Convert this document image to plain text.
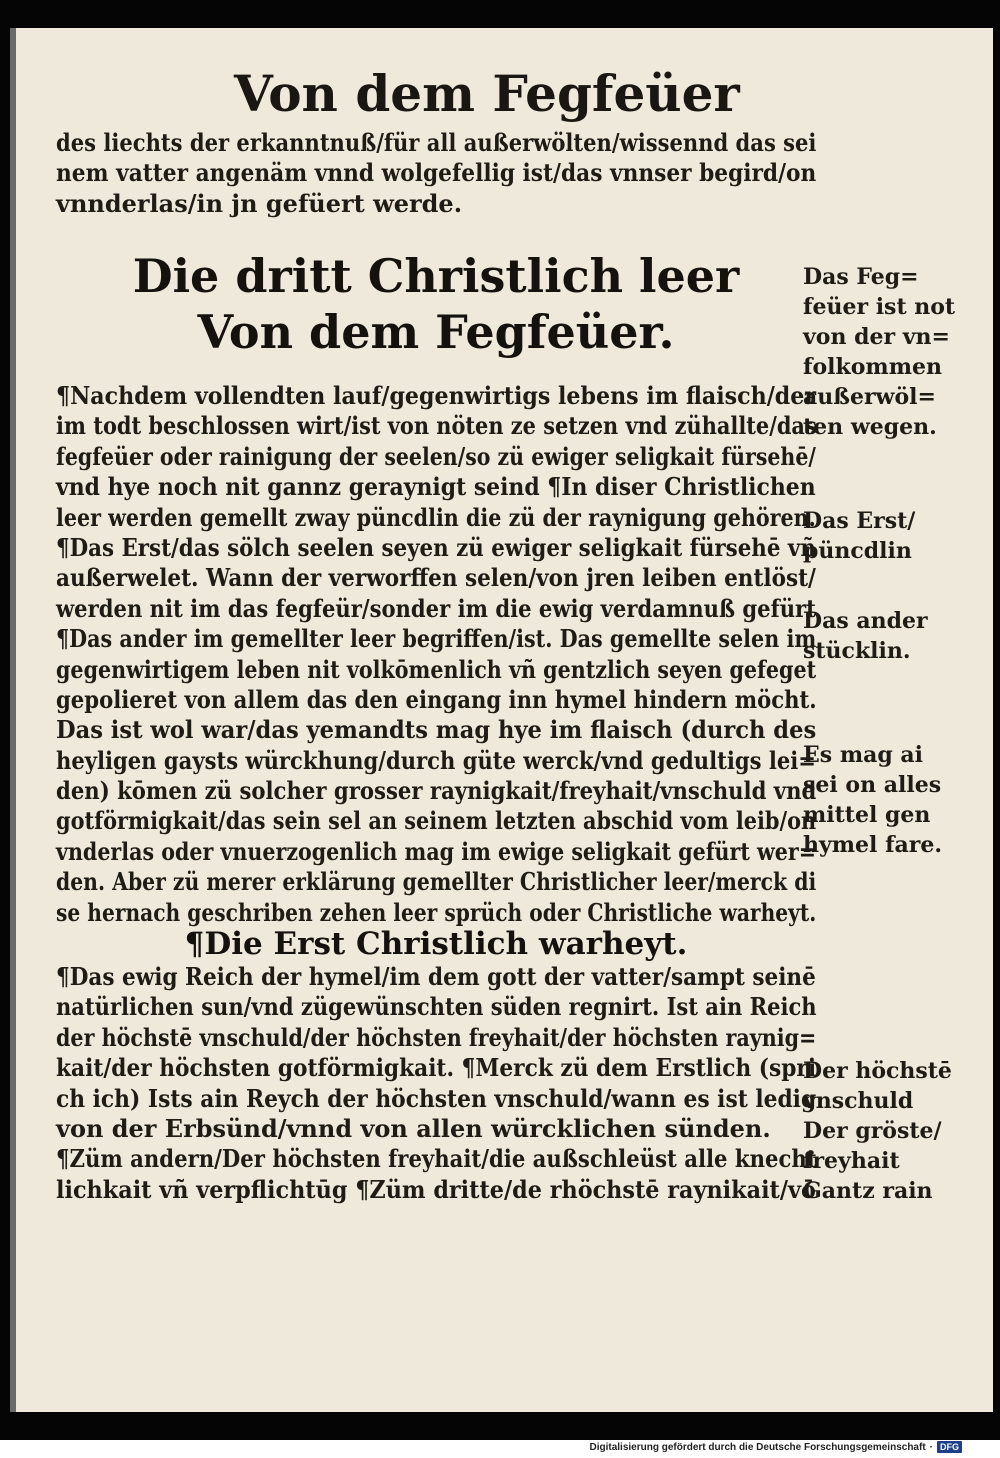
Von dem Fegfeüer
des liechts der erkanntnuß/für all außerwölten/wissennd das sei
nem vatter angenäm vnnd wolgefellig ist/das vnnser begird/on
vnnderlas/in jn gefüert werde.
Die dritt Christlich leer
Von dem Fegfeüer.
¶Nachdem vollendten lauf/gegenwirtigs lebens im flaisch/der
im todt beschlossen wirt/ist von nöten ze setzen vnd zühallte/das
fegfeüer oder rainigung der seelen/so zü ewiger seligkait fürsehē/
vnd hye noch nit gannz geraynigt seind ¶In diser Christlichen
leer werden gemellt zway püncdlin die zü der raynigung gehören.
¶Das Erst/das sölch seelen seyen zü ewiger seligkait fürsehē vñ
außerwelet. Wann der verworffen selen/von jren leiben entlöst/
werden nit im das fegfeür/sonder im die ewig verdamnuß gefürt
¶Das ander im gemellter leer begriffen/ist. Das gemellte selen im
gegenwirtigem leben nit volkōmenlich vñ gentzlich seyen gefeget
gepolieret von allem das den eingang inn hymel hindern möcht.
Das ist wol war/das yemandts mag hye im flaisch (durch des
heyligen gaysts würckhung/durch güte werck/vnd gedultigs lei=
den) kōmen zü solcher grosser raynigkait/freyhait/vnschuld vnd
gotförmigkait/das sein sel an seinem letzten abschid vom leib/on
vnderlas oder vnuerzogenlich mag im ewige seligkait gefürt wer=
den. Aber zü merer erklärung gemellter Christlicher leer/merck di
se hernach geschriben zehen leer sprüch oder Christliche warheyt.
¶Die Erst Christlich warheyt.
¶Das ewig Reich der hymel/im dem gott der vatter/sampt seinē
natürlichen sun/vnd zügewünschten süden regnirt. Ist ain Reich
der höchstē vnschuld/der höchsten freyhait/der höchsten raynig=
kait/der höchsten gotförmigkait. ¶Merck zü dem Erstlich (spri
ch ich) Ists ain Reych der höchsten vnschuld/wann es ist ledig
von der Erbsünd/vnnd von allen würcklichen sünden.
¶Züm andern/Der höchsten freyhait/die außschleüst alle knecht
lichkait vñ verpflichtūg ¶Züm dritte/de rhöchstē raynikait/vō
Das Feg=
feüer ist not
von der vn=
folkommen
außerwöl=
ten wegen.
Das Erst/
püncdlin
Das ander
stücklin.
Es mag ai
sei on alles
mittel gen
hymel fare.
Der höchstē
vnschuld
Der gröste/
freyhait
Gantz rain
Digitalisierung gefördert durch die Deutsche Forschungsgemeinschaft · DFG
